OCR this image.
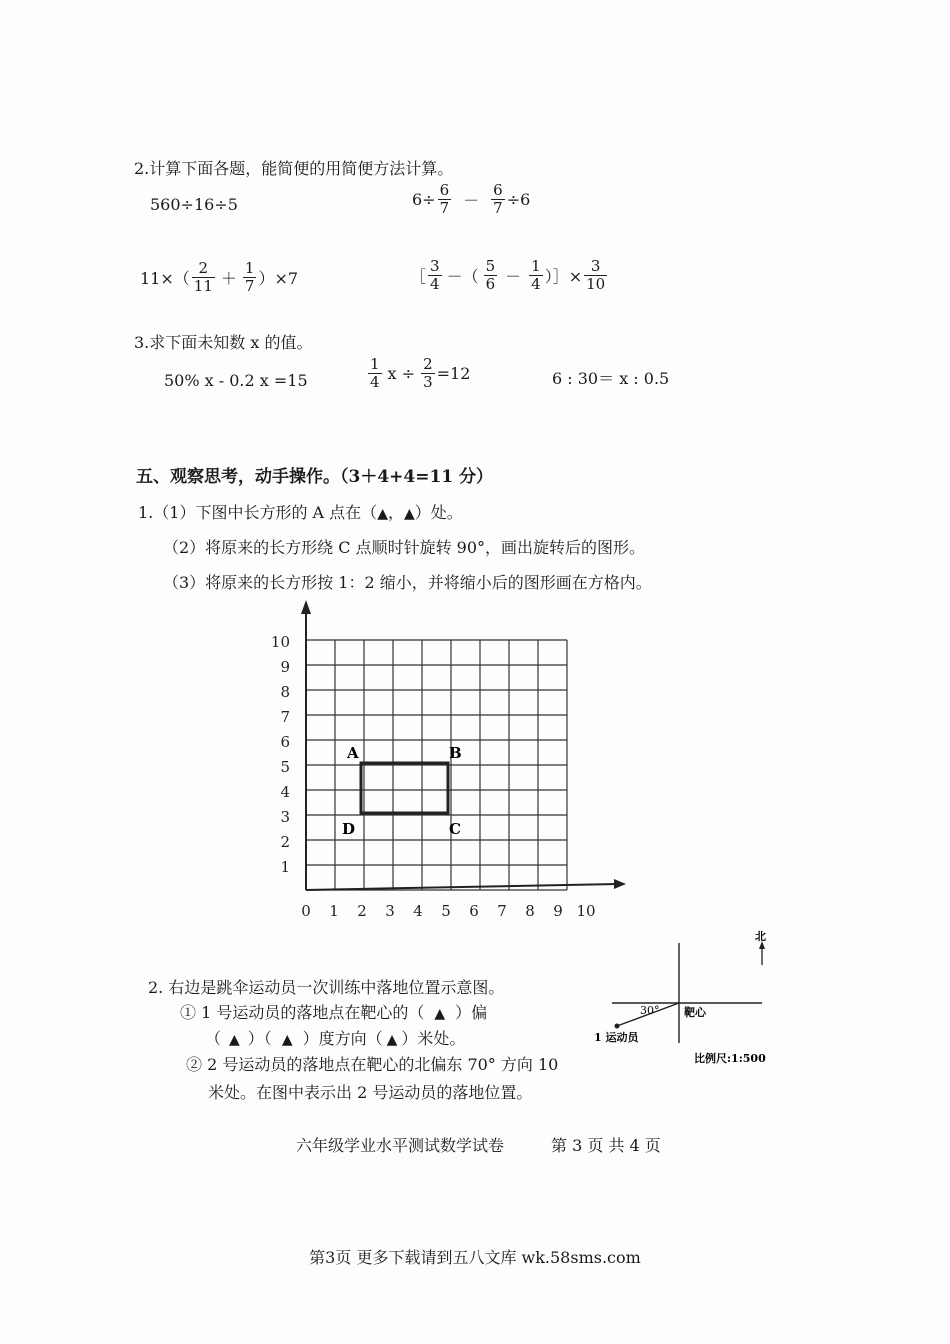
2.计算下面各题，能简便的用简便方法计算。
560÷16÷5	$6\div \frac{6}{7} - \frac{6}{7} \div 6$
$11\times( \frac{2}{11} + \frac{1}{7} )\times 7$	［ $\frac{3}{4}$ －（ $\frac{5}{6} - \frac{1}{4}$ ）］× $\frac{3}{10}$
3.求下面未知数 x 的值。
50% x - 0.2 x =15	$\frac{1}{4}$ $x \div \frac{2}{3} =12$	6 : 30＝ x : 0.5
五、观察思考，动手操作。（3＋4+4=11 分）
1.（1）下图中长方形的 A 点在（▲，▲）处。
（2）将原来的长方形绕 C 点顺时针旋转 90°，画出旋转后的图形。
（3）将原来的长方形按 1：2 缩小，并将缩小后的图形画在方格内。
10
9
8
7
6
5
4
3
2
1
0 1 2 3 4 5 6 7 8 9 10
A	B
C
D
2. 右边是跳伞运动员一次训练中落地位置示意图。
① 1 号运动员的落地点在靶心的（ ▲ ）偏
（ ▲ ）（ ▲ ）度方向（ ▲ ）米处。
② 2 号运动员的落地点在靶心的北偏东 70° 方向 10
米处。在图中表示出 2 号运动员的落地位置。
北
30° 靶心
1 运动员
比例尺:1:500
六年级学业水平测试数学试卷	第 3 页 共 4 页
第3页 更多下载请到五八文库 wk.58sms.com
